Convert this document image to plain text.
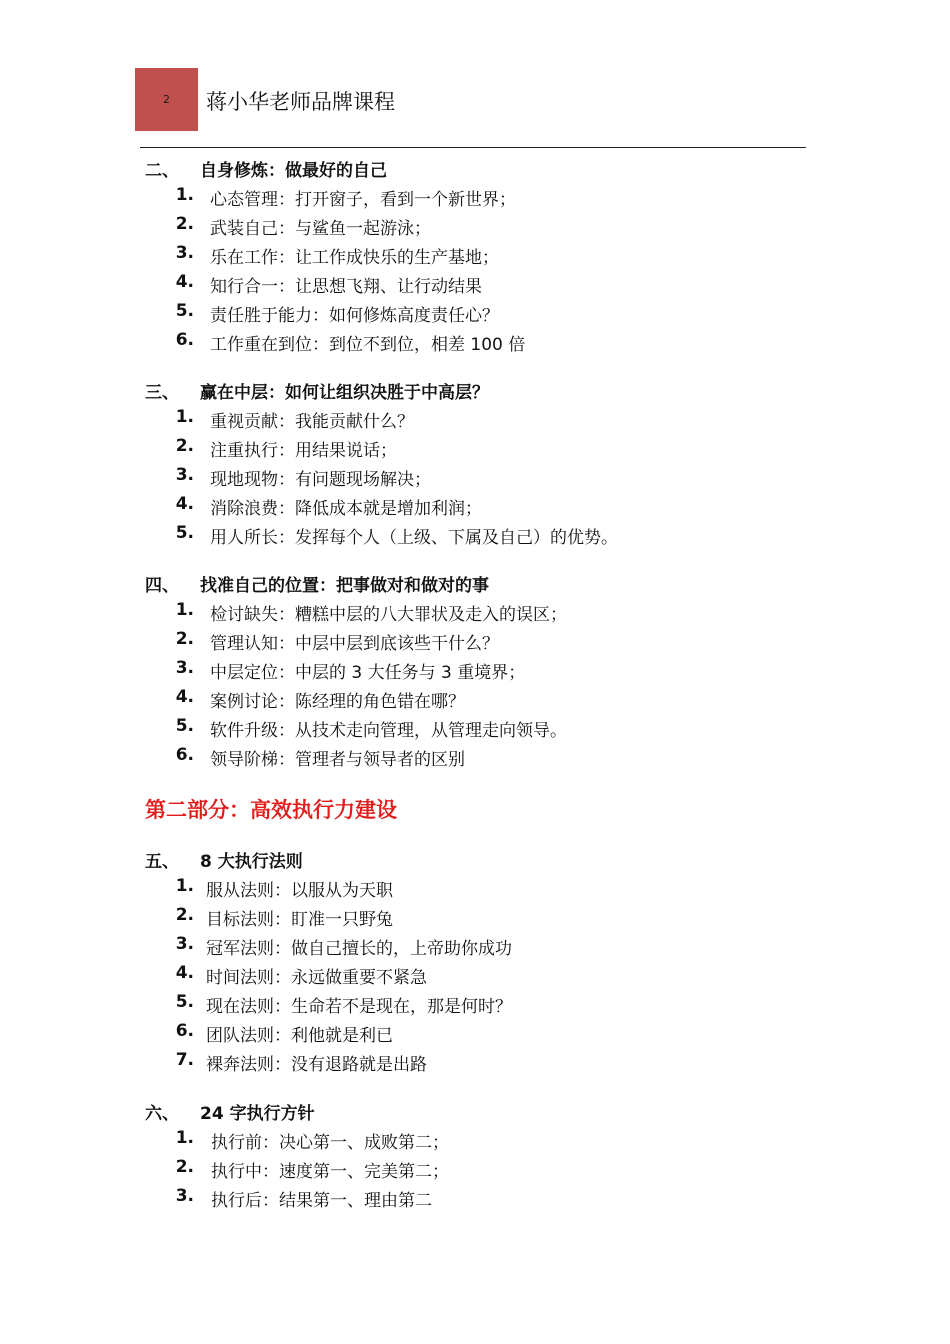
2 蒋小华老师品牌课程
二、 自身修炼：做最好的自己
1. 心态管理：打开窗子，看到一个新世界；
2. 武装自己：与鲨鱼一起游泳；
3. 乐在工作：让工作成快乐的生产基地；
4. 知行合一：让思想飞翔、让行动结果
5. 责任胜于能力：如何修炼高度责任心？
6. 工作重在到位：到位不到位，相差 100 倍
三、 赢在中层：如何让组织决胜于中高层？
1. 重视贡献：我能贡献什么？
2. 注重执行：用结果说话；
3. 现地现物：有问题现场解决；
4. 消除浪费：降低成本就是增加利润；
5. 用人所长：发挥每个人（上级、下属及自己）的优势。
四、 找准自己的位置：把事做对和做对的事
1. 检讨缺失：糟糕中层的八大罪状及走入的误区；
2. 管理认知：中层中层到底该些干什么？
3. 中层定位：中层的 3 大任务与 3 重境界；
4. 案例讨论：陈经理的角色错在哪？
5. 软件升级：从技术走向管理，从管理走向领导。
6. 领导阶梯：管理者与领导者的区别
第二部分：高效执行力建设
五、 8 大执行法则
1. 服从法则：以服从为天职
2. 目标法则：盯准一只野兔
3. 冠军法则：做自己擅长的，上帝助你成功
4. 时间法则：永远做重要不紧急
5. 现在法则：生命若不是现在，那是何时？
6. 团队法则：利他就是利已
7. 裸奔法则：没有退路就是出路
六、 24 字执行方针
1. 执行前：决心第一、成败第二；
2. 执行中：速度第一、完美第二；
3. 执行后：结果第一、理由第二
